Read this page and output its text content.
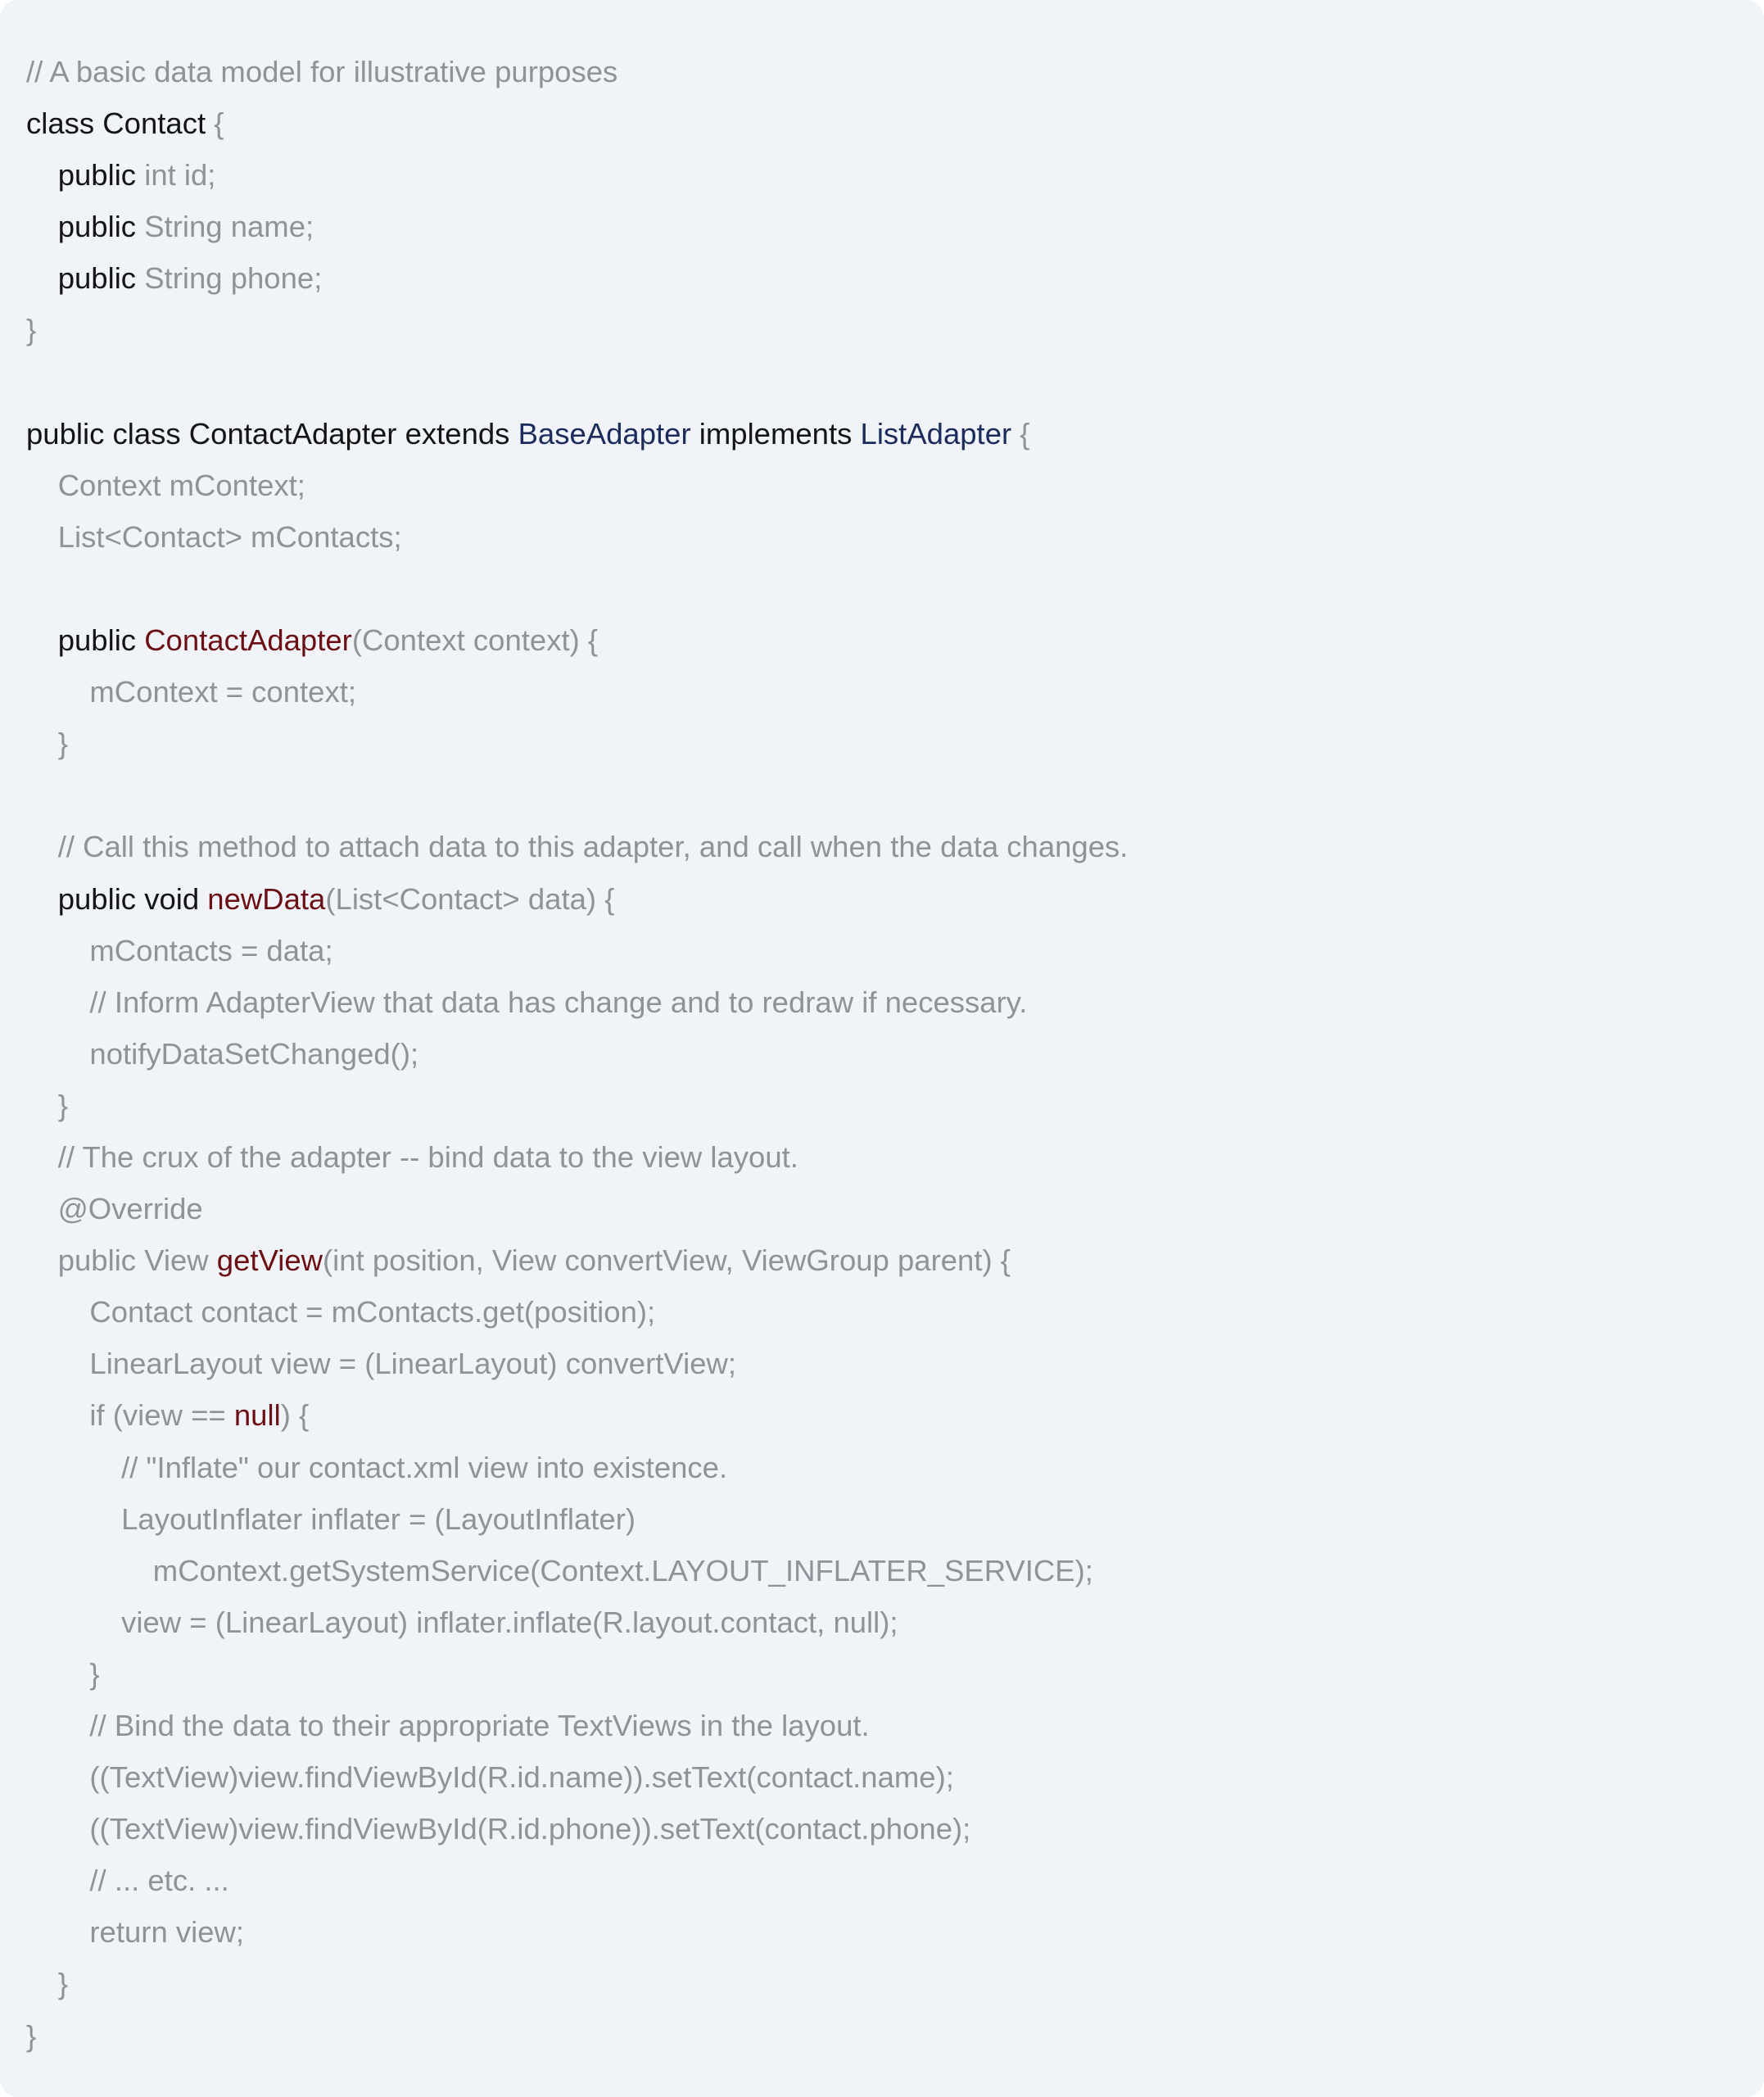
// A basic data model for illustrative purposes
class Contact {
public int id;
public String name;
public String phone;
}
public class ContactAdapter extends BaseAdapter implements ListAdapter {
Context mContext;
List<Contact> mContacts;
public ContactAdapter(Context context) {
mContext = context;
}
// Call this method to attach data to this adapter, and call when the data changes.
public void newData(List<Contact> data) {
mContacts = data;
// Inform AdapterView that data has change and to redraw if necessary.
notifyDataSetChanged();
}
// The crux of the adapter -- bind data to the view layout.
@Override
public View getView(int position, View convertView, ViewGroup parent) {
Contact contact = mContacts.get(position);
LinearLayout view = (LinearLayout) convertView;
if (view == null) {
// "Inflate" our contact.xml view into existence.
LayoutInflater inflater = (LayoutInflater)
mContext.getSystemService(Context.LAYOUT_INFLATER_SERVICE);
view = (LinearLayout) inflater.inflate(R.layout.contact, null);
}
// Bind the data to their appropriate TextViews in the layout.
((TextView)view.findViewById(R.id.name)).setText(contact.name);
((TextView)view.findViewById(R.id.phone)).setText(contact.phone);
// ... etc. ...
return view;
}
}
